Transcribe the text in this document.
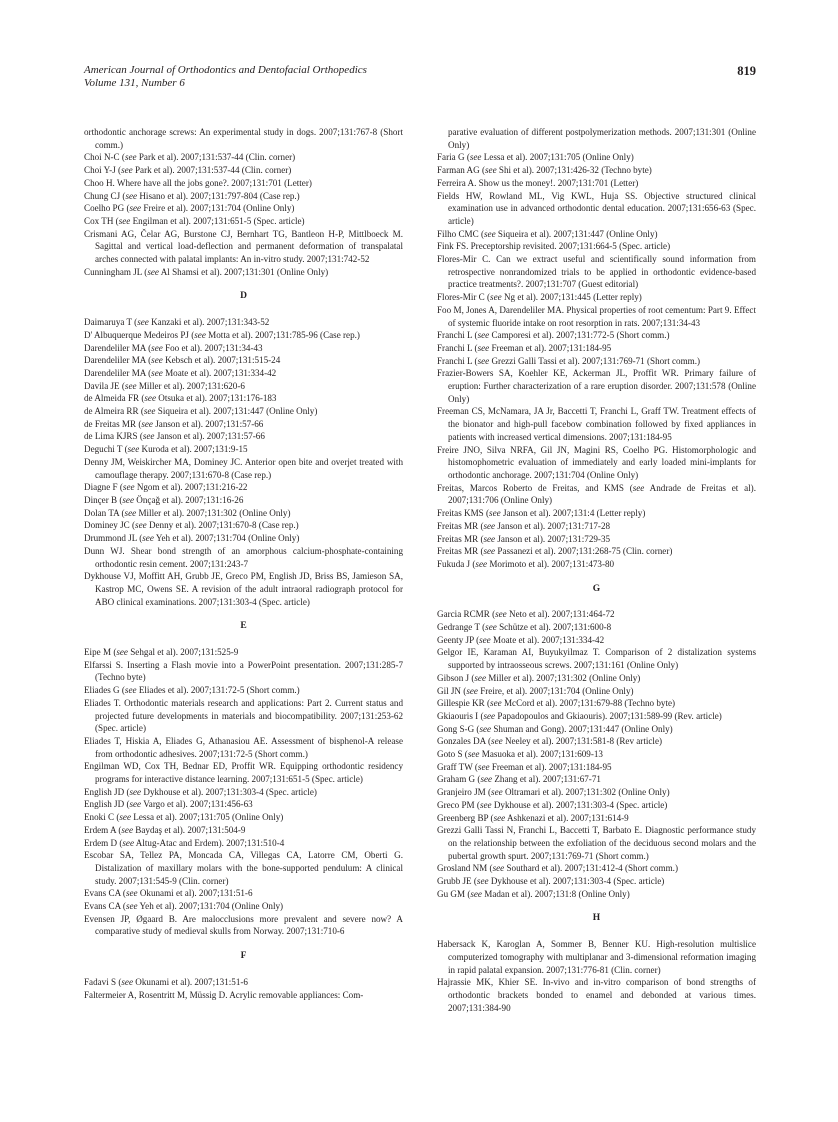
American Journal of Orthodontics and Dentofacial Orthopedics
Volume 131, Number 6
819
orthodontic anchorage screws: An experimental study in dogs. 2007;131:767-8 (Short comm.)
Choi N-C (see Park et al). 2007;131:537-44 (Clin. corner)
Choi Y-J (see Park et al). 2007;131:537-44 (Clin. corner)
Choo H. Where have all the jobs gone?. 2007;131:701 (Letter)
Chung CJ (see Hisano et al). 2007;131:797-804 (Case rep.)
Coelho PG (see Freire et al). 2007;131:704 (Online Only)
Cox TH (see Engilman et al). 2007;131:651-5 (Spec. article)
Crismani AG, Čelar AG, Burstone CJ, Bernhart TG, Bantleon H-P, Mittlboeck M. Sagittal and vertical load-deflection and permanent deformation of transpalatal arches connected with palatal implants: An in-vitro study. 2007;131:742-52
Cunningham JL (see Al Shamsi et al). 2007;131:301 (Online Only)
D
Daimaruya T (see Kanzaki et al). 2007;131:343-52
D' Albuquerque Medeiros PJ (see Motta et al). 2007;131:785-96 (Case rep.)
Darendeliler MA (see Foo et al). 2007;131:34-43
Darendeliler MA (see Kebsch et al). 2007;131:515-24
Darendeliler MA (see Moate et al). 2007;131:334-42
Davila JE (see Miller et al). 2007;131:620-6
de Almeida FR (see Otsuka et al). 2007;131:176-183
de Almeira RR (see Siqueira et al). 2007;131:447 (Online Only)
de Freitas MR (see Janson et al). 2007;131:57-66
de Lima KJRS (see Janson et al). 2007;131:57-66
Deguchi T (see Kuroda et al). 2007;131:9-15
Denny JM, Weiskircher MA, Dominey JC. Anterior open bite and overjet treated with camouflage therapy. 2007;131:670-8 (Case rep.)
Diagne F (see Ngom et al). 2007;131:216-22
Dinçer B (see Önçağ et al). 2007;131:16-26
Dolan TA (see Miller et al). 2007;131:302 (Online Only)
Dominey JC (see Denny et al). 2007;131:670-8 (Case rep.)
Drummond JL (see Yeh et al). 2007;131:704 (Online Only)
Dunn WJ. Shear bond strength of an amorphous calcium-phosphate-containing orthodontic resin cement. 2007;131:243-7
Dykhouse VJ, Moffitt AH, Grubb JE, Greco PM, English JD, Briss BS, Jamieson SA, Kastrop MC, Owens SE. A revision of the adult intraoral radiograph protocol for ABO clinical examinations. 2007;131:303-4 (Spec. article)
E
Eipe M (see Sehgal et al). 2007;131:525-9
Elfarssi S. Inserting a Flash movie into a PowerPoint presentation. 2007;131:285-7 (Techno byte)
Eliades G (see Eliades et al). 2007;131:72-5 (Short comm.)
Eliades T. Orthodontic materials research and applications: Part 2. Current status and projected future developments in materials and biocompatibility. 2007;131:253-62 (Spec. article)
Eliades T, Hiskia A, Eliades G, Athanasiou AE. Assessment of bisphenol-A release from orthodontic adhesives. 2007;131:72-5 (Short comm.)
Engilman WD, Cox TH, Bednar ED, Proffit WR. Equipping orthodontic residency programs for interactive distance learning. 2007;131:651-5 (Spec. article)
English JD (see Dykhouse et al). 2007;131:303-4 (Spec. article)
English JD (see Vargo et al). 2007;131:456-63
Enoki C (see Lessa et al). 2007;131:705 (Online Only)
Erdem A (see Baydaş et al). 2007;131:504-9
Erdem D (see Altug-Atac and Erdem). 2007;131:510-4
Escobar SA, Tellez PA, Moncada CA, Villegas CA, Latorre CM, Oberti G. Distalization of maxillary molars with the bone-supported pendulum: A clinical study. 2007;131:545-9 (Clin. corner)
Evans CA (see Okunami et al). 2007;131:51-6
Evans CA (see Yeh et al). 2007;131:704 (Online Only)
Evensen JP, Øgaard B. Are malocclusions more prevalent and severe now? A comparative study of medieval skulls from Norway. 2007;131:710-6
F
Fadavi S (see Okunami et al). 2007;131:51-6
Faltermeier A, Rosentritt M, Müssig D. Acrylic removable appliances: Com-
parative evaluation of different postpolymerization methods. 2007;131:301 (Online Only)
Faria G (see Lessa et al). 2007;131:705 (Online Only)
Farman AG (see Shi et al). 2007;131:426-32 (Techno byte)
Ferreira A. Show us the money!. 2007;131:701 (Letter)
Fields HW, Rowland ML, Vig KWL, Huja SS. Objective structured clinical examination use in advanced orthodontic dental education. 2007;131:656-63 (Spec. article)
Filho CMC (see Siqueira et al). 2007;131:447 (Online Only)
Fink FS. Preceptorship revisited. 2007;131:664-5 (Spec. article)
Flores-Mir C. Can we extract useful and scientifically sound information from retrospective nonrandomized trials to be applied in orthodontic evidence-based practice treatments?. 2007;131:707 (Guest editorial)
Flores-Mir C (see Ng et al). 2007;131:445 (Letter reply)
Foo M, Jones A, Darendeliler MA. Physical properties of root cementum: Part 9. Effect of systemic fluoride intake on root resorption in rats. 2007;131:34-43
Franchi L (see Camporesi et al). 2007;131:772-5 (Short comm.)
Franchi L (see Freeman et al). 2007;131:184-95
Franchi L (see Grezzi Galli Tassi et al). 2007;131:769-71 (Short comm.)
Frazier-Bowers SA, Koehler KE, Ackerman JL, Proffit WR. Primary failure of eruption: Further characterization of a rare eruption disorder. 2007;131:578 (Online Only)
Freeman CS, McNamara, JA Jr, Baccetti T, Franchi L, Graff TW. Treatment effects of the bionator and high-pull facebow combination followed by fixed appliances in patients with increased vertical dimensions. 2007;131:184-95
Freire JNO, Silva NRFA, Gil JN, Magini RS, Coelho PG. Histomorphologic and histomophometric evaluation of immediately and early loaded mini-implants for orthodontic anchorage. 2007;131:704 (Online Only)
Freitas, Marcos Roberto de Freitas, and KMS (see Andrade de Freitas et al). 2007;131:706 (Online Only)
Freitas KMS (see Janson et al). 2007;131:4 (Letter reply)
Freitas MR (see Janson et al). 2007;131:717-28
Freitas MR (see Janson et al). 2007;131:729-35
Freitas MR (see Passanezi et al). 2007;131:268-75 (Clin. corner)
Fukuda J (see Morimoto et al). 2007;131:473-80
G
Garcia RCMR (see Neto et al). 2007;131:464-72
Gedrange T (see Schütze et al). 2007;131:600-8
Geenty JP (see Moate et al). 2007;131:334-42
Gelgor IE, Karaman AI, Buyukyilmaz T. Comparison of 2 distalization systems supported by intraosseous screws. 2007;131:161 (Online Only)
Gibson J (see Miller et al). 2007;131:302 (Online Only)
Gil JN (see Freire, et al). 2007;131:704 (Online Only)
Gillespie KR (see McCord et al). 2007;131:679-88 (Techno byte)
Gkiaouris I (see Papadopoulos and Gkiaouris). 2007;131:589-99 (Rev. article)
Gong S-G (see Shuman and Gong). 2007;131:447 (Online Only)
Gonzales DA (see Neeley et al). 2007;131:581-8 (Rev article)
Goto S (see Masuoka et al). 2007;131:609-13
Graff TW (see Freeman et al). 2007;131:184-95
Graham G (see Zhang et al). 2007;131:67-71
Granjeiro JM (see Oltramari et al). 2007;131:302 (Online Only)
Greco PM (see Dykhouse et al). 2007;131:303-4 (Spec. article)
Greenberg BP (see Ashkenazi et al). 2007;131:614-9
Grezzi Galli Tassi N, Franchi L, Baccetti T, Barbato E. Diagnostic performance study on the relationship between the exfoliation of the deciduous second molars and the pubertal growth spurt. 2007;131:769-71 (Short comm.)
Grosland NM (see Southard et al). 2007;131:412-4 (Short comm.)
Grubb JE (see Dykhouse et al). 2007;131:303-4 (Spec. article)
Gu GM (see Madan et al). 2007;131:8 (Online Only)
H
Habersack K, Karoglan A, Sommer B, Benner KU. High-resolution multislice computerized tomography with multiplanar and 3-dimensional reformation imaging in rapid palatal expansion. 2007;131:776-81 (Clin. corner)
Hajrassie MK, Khier SE. In-vivo and in-vitro comparison of bond strengths of orthodontic brackets bonded to enamel and debonded at various times. 2007;131:384-90
